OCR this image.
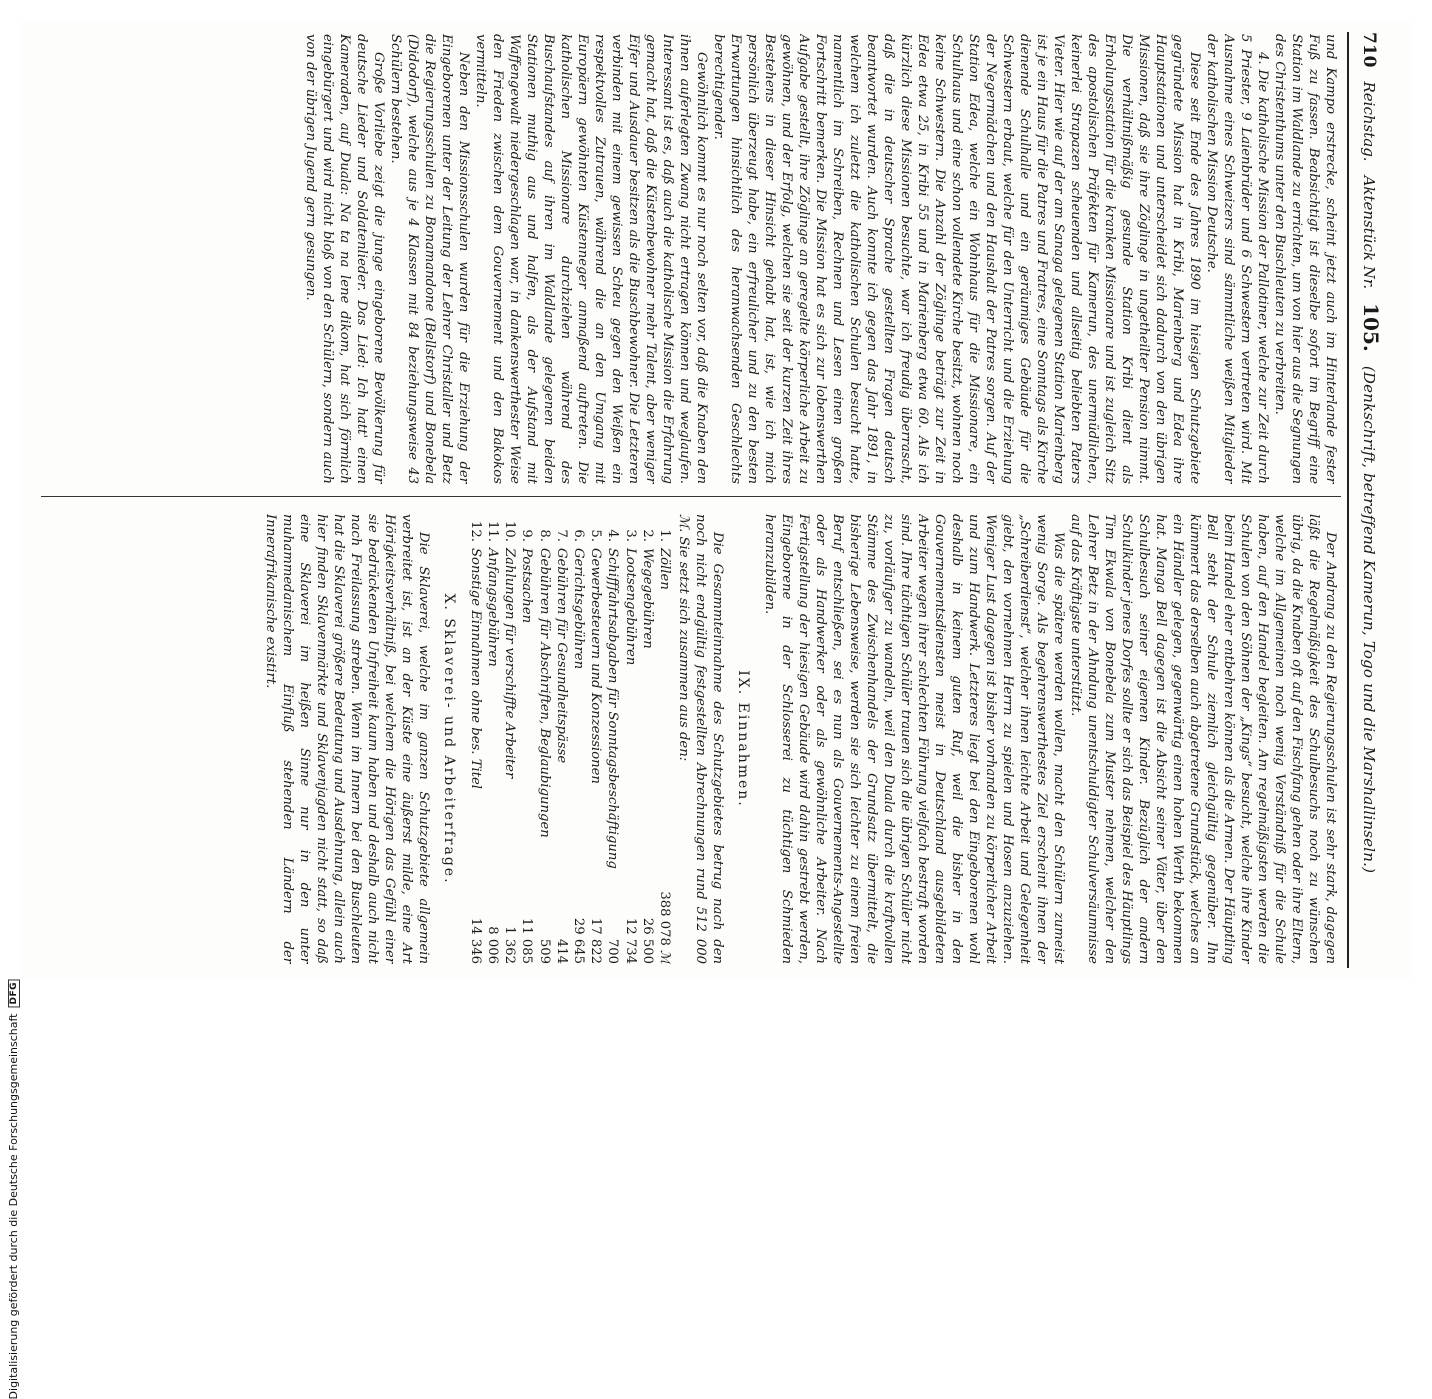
Digitalisierung gefördert durch die Deutsche Forschungsgemeinschaft
DFG
710
Reichstag.
Aktenstück Nr.
105.
(Denkschrift, betreffend Kamerun, Togo und die Marshallinseln.)

und Kampo erstrecke, scheint jetzt auch im Hinterlande fester Fuß zu fassen. Beabsichtigt ist dieselbe sofort im Begriff eine Station im Waldlande zu errichten, um von hier aus die Segnungen des Christenthums unter den Buschleuten zu verbreiten.

4. Die katholische Mission der Pallotiner, welche zur Zeit durch 5 Priester, 9 Laienbrüder und 6 Schwestern vertreten wird. Mit Ausnahme eines Schweizers sind sämmtliche weißen Mitglieder der katholischen Mission Deutsche.

Diese seit Ende des Jahres 1890 im hiesigen Schutzgebiete gegründete Mission hat in Kribi, Marienberg und Edea ihre Hauptstationen und unterscheidet sich dadurch von den übrigen Missionen, daß sie ihre Zöglinge in ungetheilter Pension nimmt. Die verhältnißmäßig gesunde Station Kribi dient als Erholungsstation für die kranken Missionare und ist zugleich Sitz des apostolischen Präfekten für Kamerun, des unermüdlichen, keinerlei Strapazen scheuenden und allseitig beliebten Paters Vieter. Hier wie auf der am Sanaga gelegenen Station Marienberg ist je ein Haus für die Patres und Fratres, eine Sonntags als Kirche dienende Schulhalle und ein geräumiges Gebäude für die Schwestern erbaut, welche für den Unterricht und die Erziehung der Negermädchen und den Haushalt der Patres sorgen. Auf der Station Edea, welche ein Wohnhaus für die Missionare, ein Schulhaus und eine schon vollendete Kirche besitzt, wohnen noch keine Schwestern. Die Anzahl der Zöglinge beträgt zur Zeit in Edea etwa 25, in Kribi 55 und in Marienberg etwa 60. Als ich kürzlich diese Missionen besuchte, war ich freudig überrascht, daß die in deutscher Sprache gestellten Fragen deutsch beantwortet wurden. Auch konnte ich gegen das Jahr 1891, in welchem ich zuletzt die katholischen Schulen besucht hatte, namentlich im Schreiben, Rechnen und Lesen einen großen Fortschritt bemerken. Die Mission hat es sich zur lobenswerthen Aufgabe gestellt, ihre Zöglinge an geregelte körperliche Arbeit zu gewöhnen, und der Erfolg, welchen sie seit der kurzen Zeit ihres Bestehens in dieser Hinsicht gehabt hat, ist, wie ich mich persönlich überzeugt habe, ein erfreulicher und zu den besten Erwartungen hinsichtlich des heranwachsenden Geschlechts berechtigender.

Gewöhnlich kommt es nur noch selten vor, daß die Knaben den ihnen auferlegten Zwang nicht ertragen können und weglaufen. Interessant ist es, daß auch die katholische Mission die Erfahrung gemacht hat, daß die Küstenbewohner mehr Talent, aber weniger Eifer und Ausdauer besitzen als die Buschbewohner. Die Letzteren verbinden mit einem gewissen Scheu gegen den Weißen ein respektvolles Zutrauen, während die an den Umgang mit Europäern gewöhnten Küstenneger anmaßend auftreten. Die katholischen Missionare durchziehen während des Buschaufstandes auf ihren im Waldlande gelegenen beiden Stationen muthig aus und halfen, als der Aufstand mit Waffengewalt niedergeschlagen war, in dankenswerthester Weise den Frieden zwischen dem Gouvernement und den Bakokos vermitteln.

Neben den Missionsschulen wurden für die Erziehung der Eingeborenen unter der Leitung der Lehrer Christaller und Betz die Regierungsschulen zu Bonamandone (Bellstorf) und Bonebela (Didodorf), welche aus je 4 Klassen mit 84 beziehungsweise 43 Schülern bestehen.

Große Vorliebe zeigt die junge eingeborene Bevölkerung für deutsche Lieder und Soldatenlieder. Das Lied: Ich hatt' einen Kameraden, auf Duala: Na ta na lene dikom, hat sich förmlich eingebürgert und wird nicht bloß von den Schülern, sondern auch von der übrigen Jugend gern gesungen.

Der Andrang zu den Regierungsschulen ist sehr stark, dagegen läßt die Regelmäßigkeit des Schulbesuchs noch zu wünschen übrig, da die Knaben oft auf den Fischfang gehen oder ihre Eltern, welche im Allgemeinen noch wenig Verständniß für die Schule haben, auf den Handel begleiten. Am regelmäßigsten werden die Schulen von den Söhnen der „Kings“ besucht, welche ihre Kinder beim Handel eher entbehren können als die Armen. Der Häuptling Bell steht der Schule ziemlich gleichgültig gegenüber. Ihn kümmert das derselben auch abgetretene Grundstück, welches an ein Händler gelegen, gegenwärtig einen hohen Werth bekommen hat. Manga Bell dagegen ist die Absicht seiner Väter, über den Schulbesuch seiner eigenen Kinder. Bezüglich der andern Schulkinder jenes Dorfes sollte er sich das Beispiel des Häuptlings Tim Ekwala von Bonebela zum Muster nehmen, welcher den Lehrer Betz in der Ahndung unentschuldigter Schulversäumnisse auf das Kräftigste unterstützt.

Was die spätere werden wollen, macht den Schülern zumeist wenig Sorge. Als begehrenswerthestes Ziel erscheint ihnen der „Schreiberdienst“, welcher ihnen leichte Arbeit und Gelegenheit giebt, den vornehmen Herrn zu spielen und Hosen anzuziehen. Weniger Lust dagegen ist bisher vorhanden zu körperlicher Arbeit und zum Handwerk. Letzteres liegt bei den Eingeborenen wohl deshalb in keinem guten Ruf, weil die bisher in den Gouvernementsdiensten meist in Deutschland ausgebildeten Arbeiter wegen ihrer schlechten Führung vielfach bestraft worden sind. Ihre tüchtigen Schüler trauen sich die übrigen Schüler nicht zu, vorläufiger zu wandeln, weil den Duala durch die kraftvollen Stämme des Zwischenhandels der Grundsatz übermittelt, die bisherige Lebensweise, werden sie sich leichter zu einem freien Beruf entschließen, sei es nun als Gouvernements-Angestellte oder als Handwerker oder als gewöhnliche Arbeiter. Nach Fertigstellung der hiesigen Gebäude wird dahin gestrebt werden, Eingeborene in der Schlosserei zu tüchtigen Schmieden heranzubilden.

IX. Einnahmen.

Die Gesammteinnahme des Schutzgebietes betrug nach den noch nicht endgültig festgestellten Abrechnungen rund 512 000 ℳ. Sie setzt sich zusammen aus den:

1.	Zöllen	388 078ℳ
2.	Wegegebühren	26 500
3.	Lootsengebühren	12 734
4.	Schifffahrtsabgaben für Sonntagsbeschäftigung	700
5.	Gewerbesteuern und Konzessionen	17 822
6.	Gerichtsgebühren	29 645
7.	Gebühren für Gesundheitspässe	414
8.	Gebühren für Abschriften, Beglaubigungen	509
9.	Postsachen	11 085
10.	Zahlungen für verschiffte Arbeiter	1 362
11.	Anfangsgebühren	8 006
12.	Sonstige Einnahmen ohne bes. Titel	14 346
X. Sklaverei- und Arbeiterfrage.

Die Sklaverei, welche im ganzen Schutzgebiete allgemein verbreitet ist, ist an der Küste eine äußerst milde, eine Art Hörigkeitsverhältniß, bei welchem die Hörigen das Gefühl einer sie bedrückenden Unfreiheit kaum haben und deshalb auch nicht nach Freilassung streben. Wenn im Innern bei den Buschleuten hat die Sklaverei größere Bedeutung und Ausdehnung, allein auch hier finden Sklavenmärkte und Sklavenjagden nicht statt, so daß eine Sklaverei im heißen Sinne nur in den unter muhammedanischem Einfluß stehenden Ländern der Innerafrikanische existirt.
